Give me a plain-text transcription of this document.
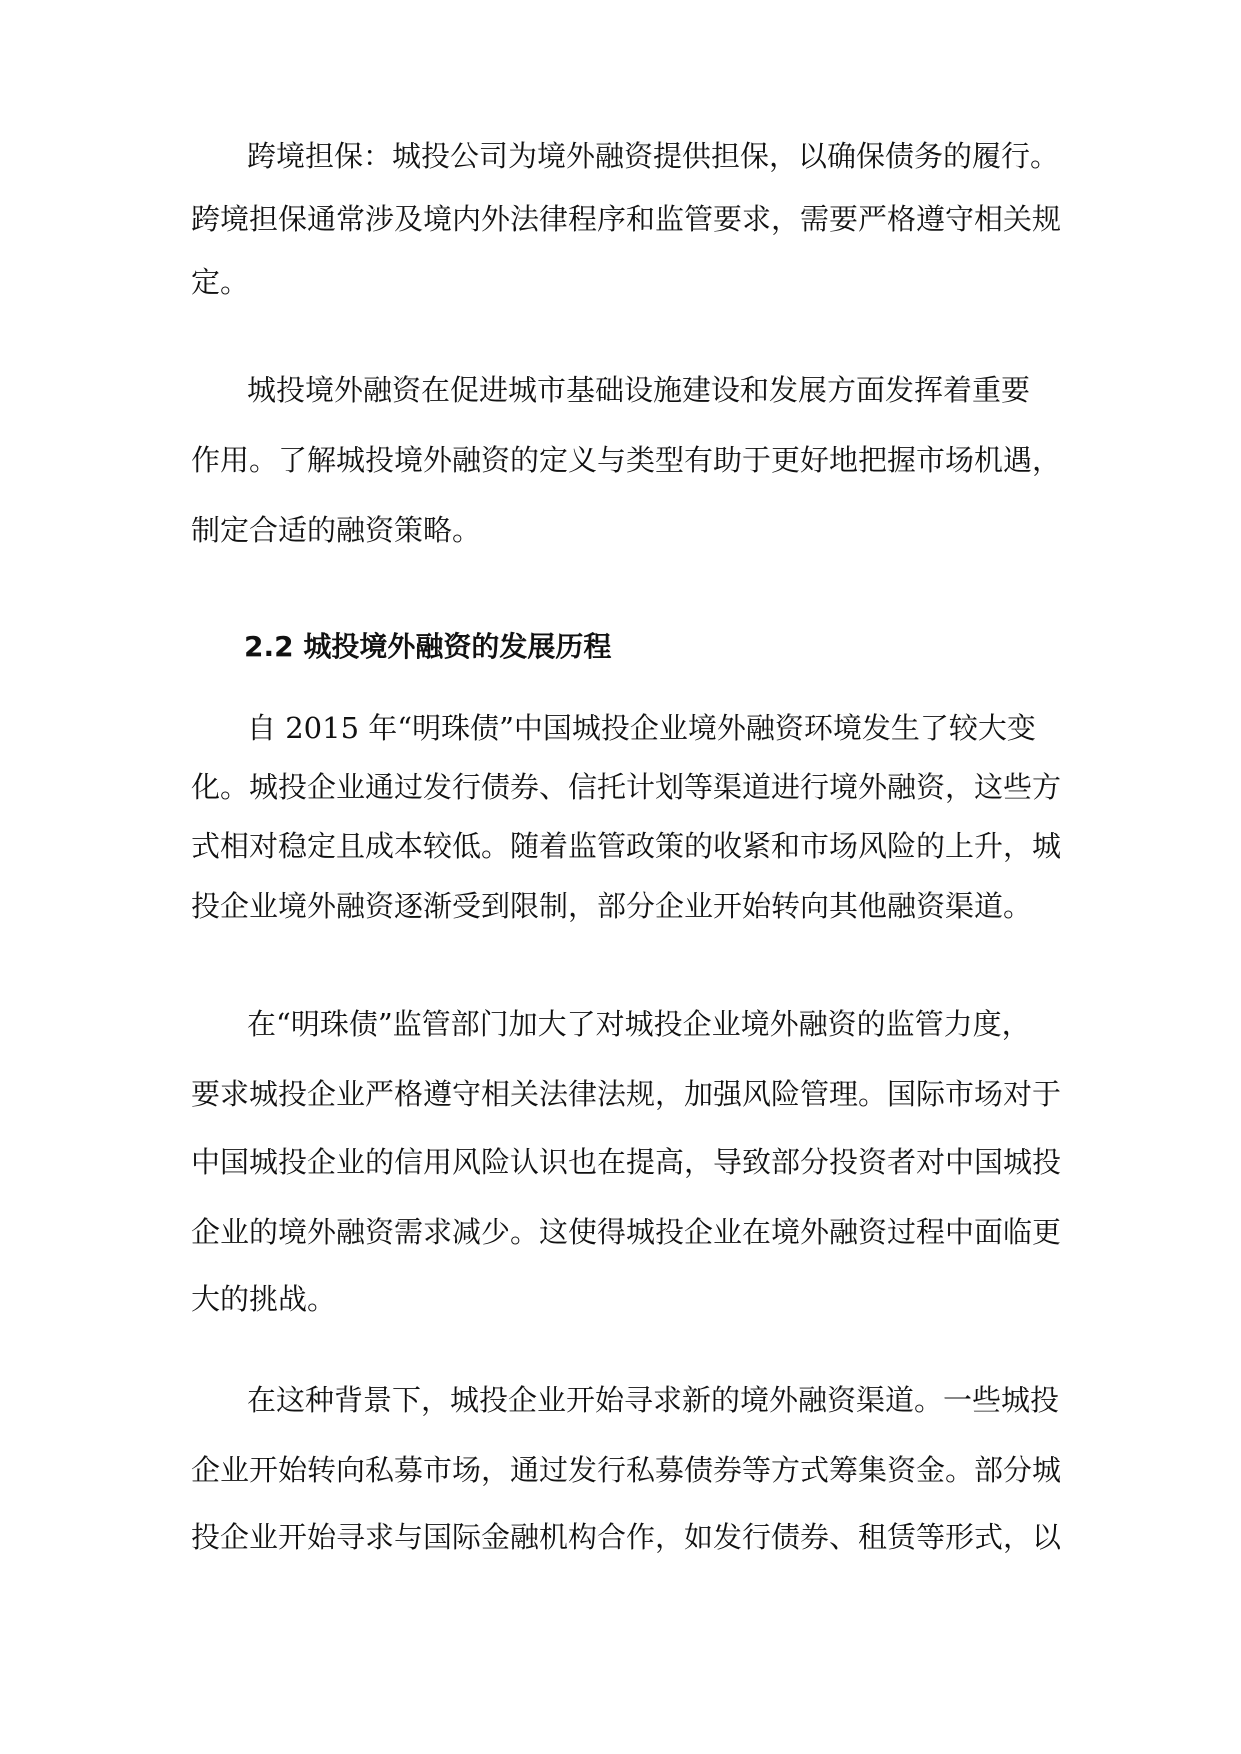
跨境担保：城投公司为境外融资提供担保，以确保债务的履行。

跨境担保通常涉及境内外法律程序和监管要求，需要严格遵守相关规

定。

城投境外融资在促进城市基础设施建设和发展方面发挥着重要

作用。了解城投境外融资的定义与类型有助于更好地把握市场机遇，

制定合适的融资策略。

2.2 城投境外融资的发展历程

自 2015 年“明珠债”中国城投企业境外融资环境发生了较大变

化。城投企业通过发行债券、信托计划等渠道进行境外融资，这些方

式相对稳定且成本较低。随着监管政策的收紧和市场风险的上升，城

投企业境外融资逐渐受到限制，部分企业开始转向其他融资渠道。

在“明珠债”监管部门加大了对城投企业境外融资的监管力度，

要求城投企业严格遵守相关法律法规，加强风险管理。国际市场对于

中国城投企业的信用风险认识也在提高，导致部分投资者对中国城投

企业的境外融资需求减少。这使得城投企业在境外融资过程中面临更

大的挑战。

在这种背景下，城投企业开始寻求新的境外融资渠道。一些城投

企业开始转向私募市场，通过发行私募债券等方式筹集资金。部分城

投企业开始寻求与国际金融机构合作，如发行债券、租赁等形式，以
